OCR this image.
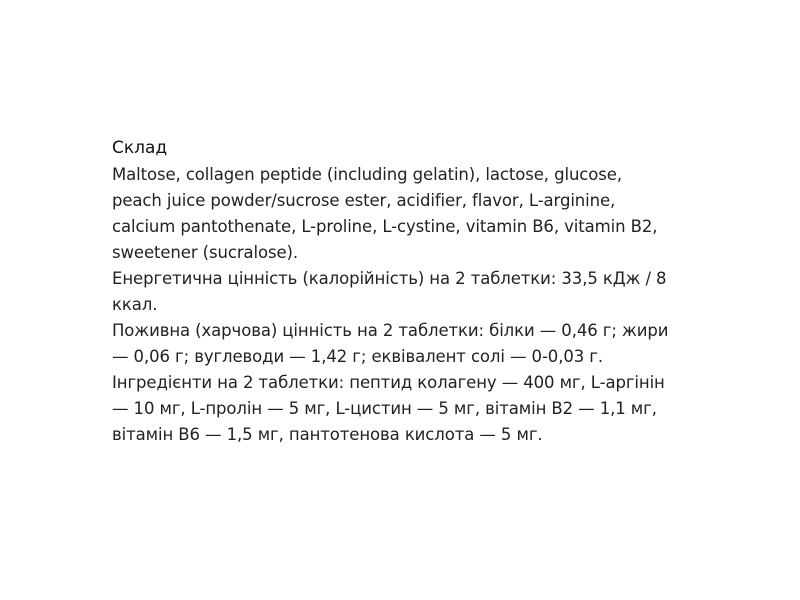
Склад
Maltose, collagen peptide (including gelatin), lactose, glucose,
peach juice powder/sucrose ester, acidifier, flavor, L-arginine,
calcium pantothenate, L-proline, L-cystine, vitamin B6, vitamin B2,
sweetener (sucralose).
Енергетична цінність (калорійність) на 2 таблетки: 33,5 кДж / 8
ккал.
Поживна (харчова) цінність на 2 таблетки: білки — 0,46 г; жири
— 0,06 г; вуглеводи — 1,42 г; еквівалент солі — 0-0,03 г.
Інгредієнти на 2 таблетки: пептид колагену — 400 мг, L-аргінін
— 10 мг, L-пролін — 5 мг, L-цистин — 5 мг, вітамін B2 — 1,1 мг,
вітамін B6 — 1,5 мг, пантотенова кислота — 5 мг.
